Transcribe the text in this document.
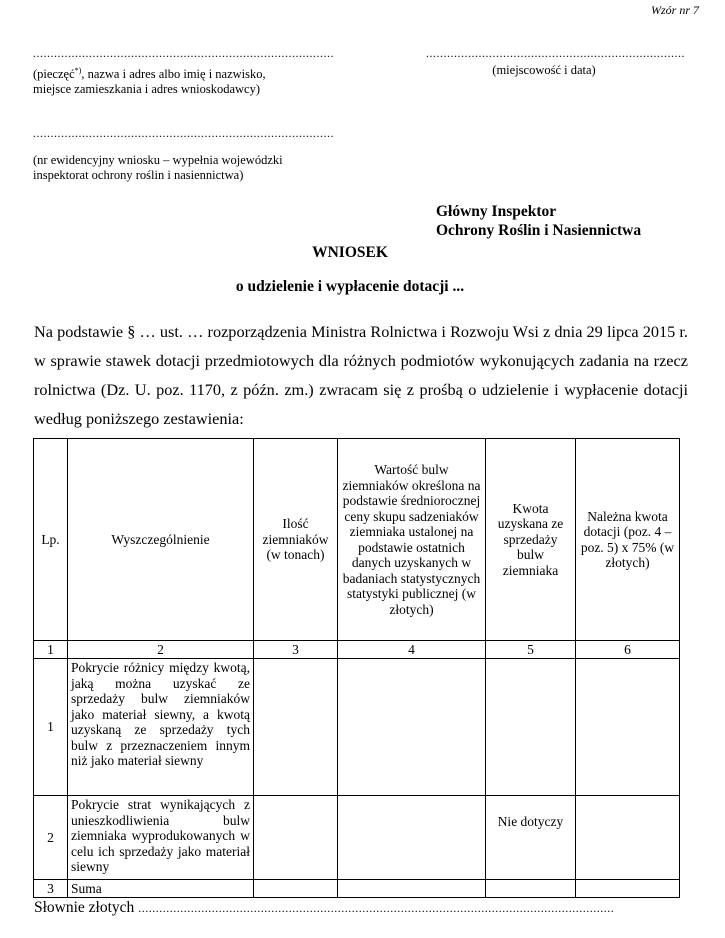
Wzór nr 7
......................................................................................
(pieczęć*), nazwa i adres albo imię i nazwisko,
miejsce zamieszkania i adres wnioskodawcy)
..........................................................................
(miejscowość i data)
......................................................................................
(nr ewidencyjny wniosku – wypełnia wojewódzki
inspektorat ochrony roślin i nasiennictwa)
Główny Inspektor
Ochrony Roślin i Nasiennictwa
WNIOSEK
o udzielenie i wypłacenie dotacji ...
Na podstawie § … ust. … rozporządzenia Ministra Rolnictwa i Rozwoju Wsi z dnia 29 lipca 2015 r. w sprawie stawek dotacji przedmiotowych dla różnych podmiotów wykonujących zadania na rzecz rolnictwa (Dz. U. poz. 1170, z późn. zm.) zwracam się z prośbą o udzielenie i wypłacenie dotacji według poniższego zestawienia:
Lp.	Wyszczególnienie	Ilość ziemniaków (w tonach)	Wartość bulw ziemniaków określona na podstawie średniorocznej ceny skupu sadzeniaków ziemniaka ustalonej na podstawie ostatnich danych uzyskanych w badaniach statystycznych statystyki publicznej (w złotych)	Kwota uzyskana ze sprzedaży bulw ziemniaka	Należna kwota dotacji (poz. 4 – poz. 5) x 75% (w złotych)
1	2	3	4	5	6
1	Pokrycie różnicy między kwotą, jaką można uzyskać ze sprzedaży bulw ziemniaków jako materiał siewny, a kwotą uzyskaną ze sprzedaży tych bulw z przeznaczeniem innym niż jako materiał siewny				
2	Pokrycie strat wynikających z unieszkodliwienia bulw ziemniaka wyprodukowanych w celu ich sprzedaży jako materiał siewny			Nie dotyczy	
3	Suma				
Słownie złotych ........................................................................................................................................
